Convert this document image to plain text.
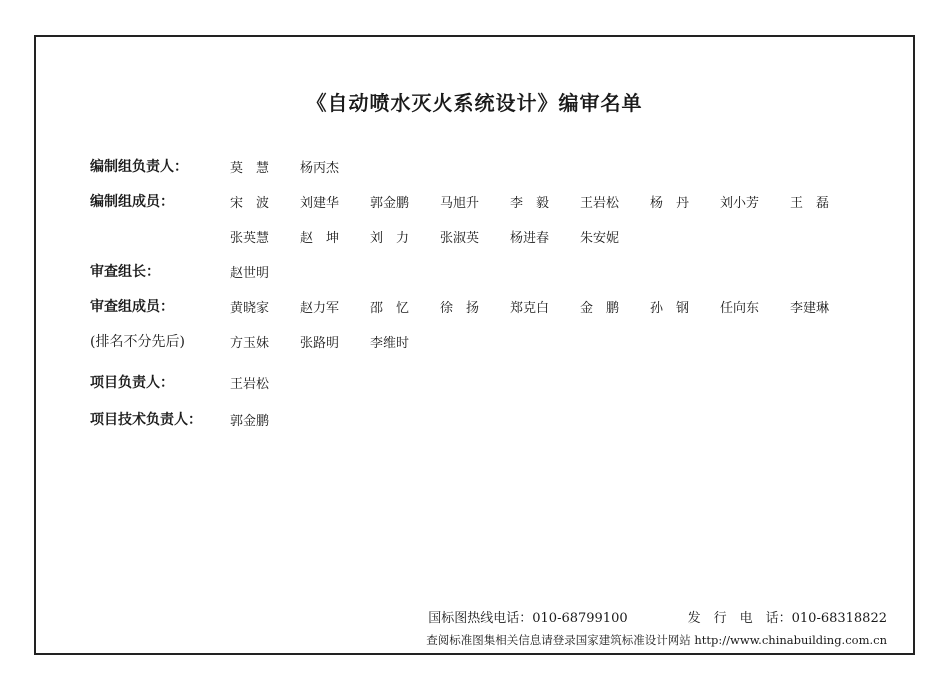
《自动喷水灭火系统设计》编审名单
编制组负责人：	莫　慧	杨丙杰
编制组成员：	宋　波	刘建华	郭金鹏	马旭升	李　毅	王岩松	杨　丹	刘小芳	王　磊
张英慧	赵　坤	刘　力	张淑英	杨进春	朱安妮
审查组长：	赵世明
审查组成员：	黄晓家	赵力军	邵　忆	徐　扬	郑克白	金　鹏	孙　钢	任向东	李建琳
(排名不分先后)	方玉妹	张路明	李维时
项目负责人：	王岩松
项目技术负责人：	郭金鹏
国标图热线电话：010-68799100	发　行　电　话：010-68318822
查阅标准图集相关信息请登录国家建筑标准设计网站 http://www.chinabuilding.com.cn
